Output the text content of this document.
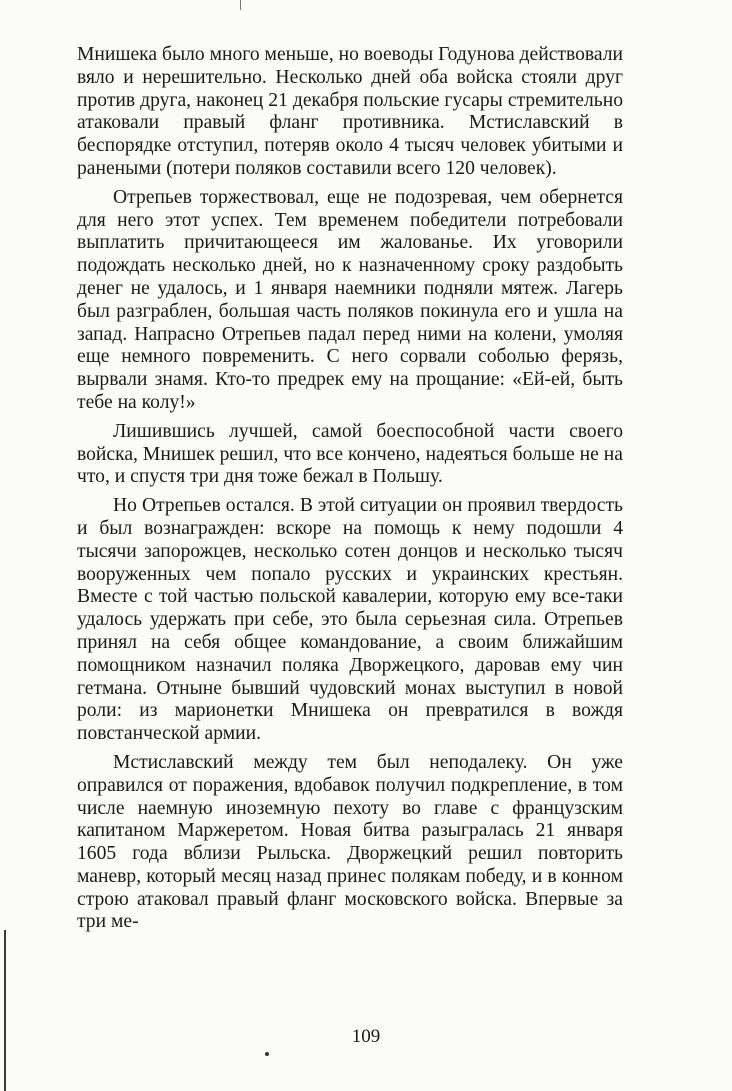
Мнишека было много меньше, но воеводы Годунова действовали вяло и нерешительно. Несколько дней оба войска стояли друг против друга, наконец 21 декабря польские гусары стремительно атаковали правый фланг противника. Мстиславский в беспорядке отступил, потеряв около 4 тысяч человек убитыми и ранеными (потери поляков составили всего 120 человек).

Отрепьев торжествовал, еще не подозревая, чем обернется для него этот успех. Тем временем победители потребовали выплатить причитающееся им жалованье. Их уговорили подождать несколько дней, но к назначенному сроку раздобыть денег не удалось, и 1 января наемники подняли мятеж. Лагерь был разграблен, большая часть поляков покинула его и ушла на запад. Напрасно Отрепьев падал перед ними на колени, умоляя еще немного повременить. С него сорвали соболью ферязь, вырвали знамя. Кто-то предрек ему на прощание: «Ей-ей, быть тебе на колу!»

Лишившись лучшей, самой боеспособной части своего войска, Мнишек решил, что все кончено, надеяться больше не на что, и спустя три дня тоже бежал в Польшу.

Но Отрепьев остался. В этой ситуации он проявил твердость и был вознагражден: вскоре на помощь к нему подошли 4 тысячи запорожцев, несколько сотен донцов и несколько тысяч вооруженных чем попало русских и украинских крестьян. Вместе с той частью польской кавалерии, которую ему все-таки удалось удержать при себе, это была серьезная сила. Отрепьев принял на себя общее командование, а своим ближайшим помощником назначил поляка Дворжецкого, даровав ему чин гетмана. Отныне бывший чудовский монах выступил в новой роли: из марионетки Мнишека он превратился в вождя повстанческой армии.

Мстиславский между тем был неподалеку. Он уже оправился от поражения, вдобавок получил подкрепление, в том числе наемную иноземную пехоту во главе с французским капитаном Маржеретом. Новая битва разыгралась 21 января 1605 года вблизи Рыльска. Дворжецкий решил повторить маневр, который месяц назад принес полякам победу, и в конном строю атаковал правый фланг московского войска. Впервые за три ме-

109
